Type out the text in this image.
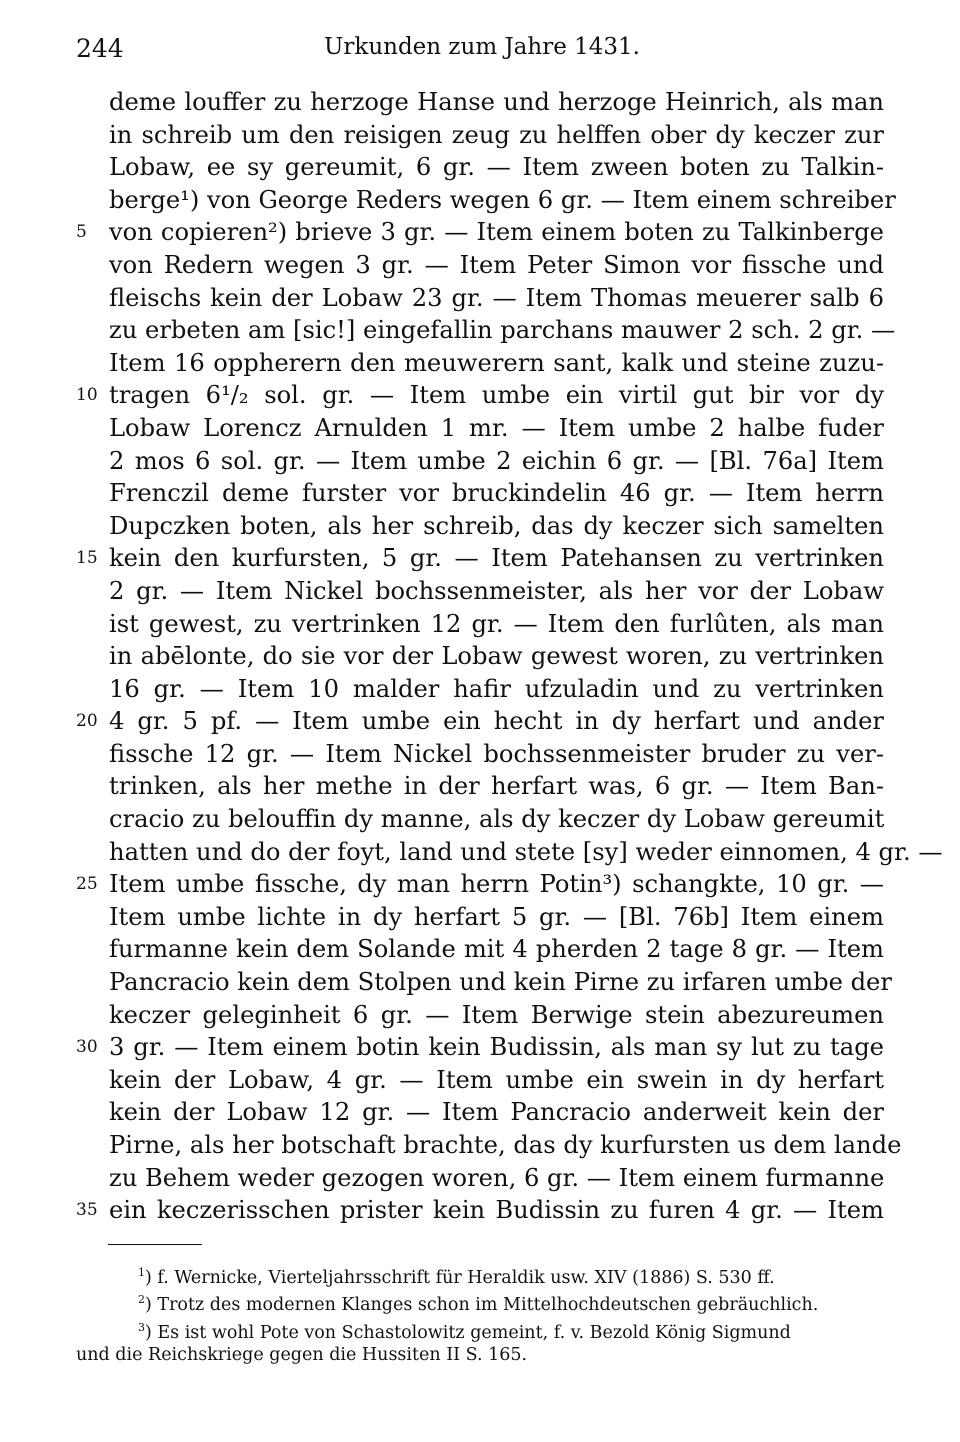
244	Urkunden zum Jahre 1431.
deme louffer zu herzoge Hanse und herzoge Heinrich, als man
in schreib um den reisigen zeug zu helffen ober dy keczer zur
Lobaw, ee sy gereumit, 6 gr. — Item zween boten zu Talkin-
berge¹) von George Reders wegen 6 gr. — Item einem schreiber
5 von copieren²) brieve 3 gr. — Item einem boten zu Talkinberge
von Redern wegen 3 gr. — Item Peter Simon vor fissche und
fleischs kein der Lobaw 23 gr. — Item Thomas meuerer salb 6
zu erbeten am [sic!] eingefallin parchans mauwer 2 sch. 2 gr. —
Item 16 oppherern den meuwerern sant, kalk und steine zuzu-
10 tragen 6¹/₂ sol. gr. — Item umbe ein virtil gut bir vor dy
Lobaw Lorencz Arnulden 1 mr. — Item umbe 2 halbe fuder
2 mos 6 sol. gr. — Item umbe 2 eichin 6 gr. — [Bl. 76a] Item
Frenczil deme furster vor bruckindelin 46 gr. — Item herrn
Dupczken boten, als her schreib, das dy keczer sich samelten
15 kein den kurfursten, 5 gr. — Item Patehansen zu vertrinken
2 gr. — Item Nickel bochssenmeister, als her vor der Lobaw
ist gewest, zu vertrinken 12 gr. — Item den furlûten, als man
in abēlonte, do sie vor der Lobaw gewest woren, zu vertrinken
16 gr. — Item 10 malder hafir ufzuladin und zu vertrinken
20 4 gr. 5 pf. — Item umbe ein hecht in dy herfart und ander
fissche 12 gr. — Item Nickel bochssenmeister bruder zu ver-
trinken, als her methe in der herfart was, 6 gr. — Item Ban-
cracio zu belouffin dy manne, als dy keczer dy Lobaw gereumit
hatten und do der foyt, land und stete [sy] weder einnomen, 4 gr. —
25 Item umbe fissche, dy man herrn Potin³) schangkte, 10 gr. —
Item umbe lichte in dy herfart 5 gr. — [Bl. 76b] Item einem
furmanne kein dem Solande mit 4 pherden 2 tage 8 gr. — Item
Pancracio kein dem Stolpen und kein Pirne zu irfaren umbe der
keczer geleginheit 6 gr. — Item Berwige stein abezureumen
30 3 gr. — Item einem botin kein Budissin, als man sy lut zu tage
kein der Lobaw, 4 gr. — Item umbe ein swein in dy herfart
kein der Lobaw 12 gr. — Item Pancracio anderweit kein der
Pirne, als her botschaft brachte, das dy kurfursten us dem lande
zu Behem weder gezogen woren, 6 gr. — Item einem furmanne
35 ein keczerisschen prister kein Budissin zu furen 4 gr. — Item
$^1$) f. Wernicke, Vierteljahrsschrift für Heraldik usw. XIV (1886) S. 530 ff.
$^2$) Trotz des modernen Klanges schon im Mittelhochdeutschen gebräuchlich.
$^3$) Es ist wohl Pote von Schastolowitz gemeint, f. v. Bezold König Sigmund
und die Reichskriege gegen die Hussiten II S. 165.
